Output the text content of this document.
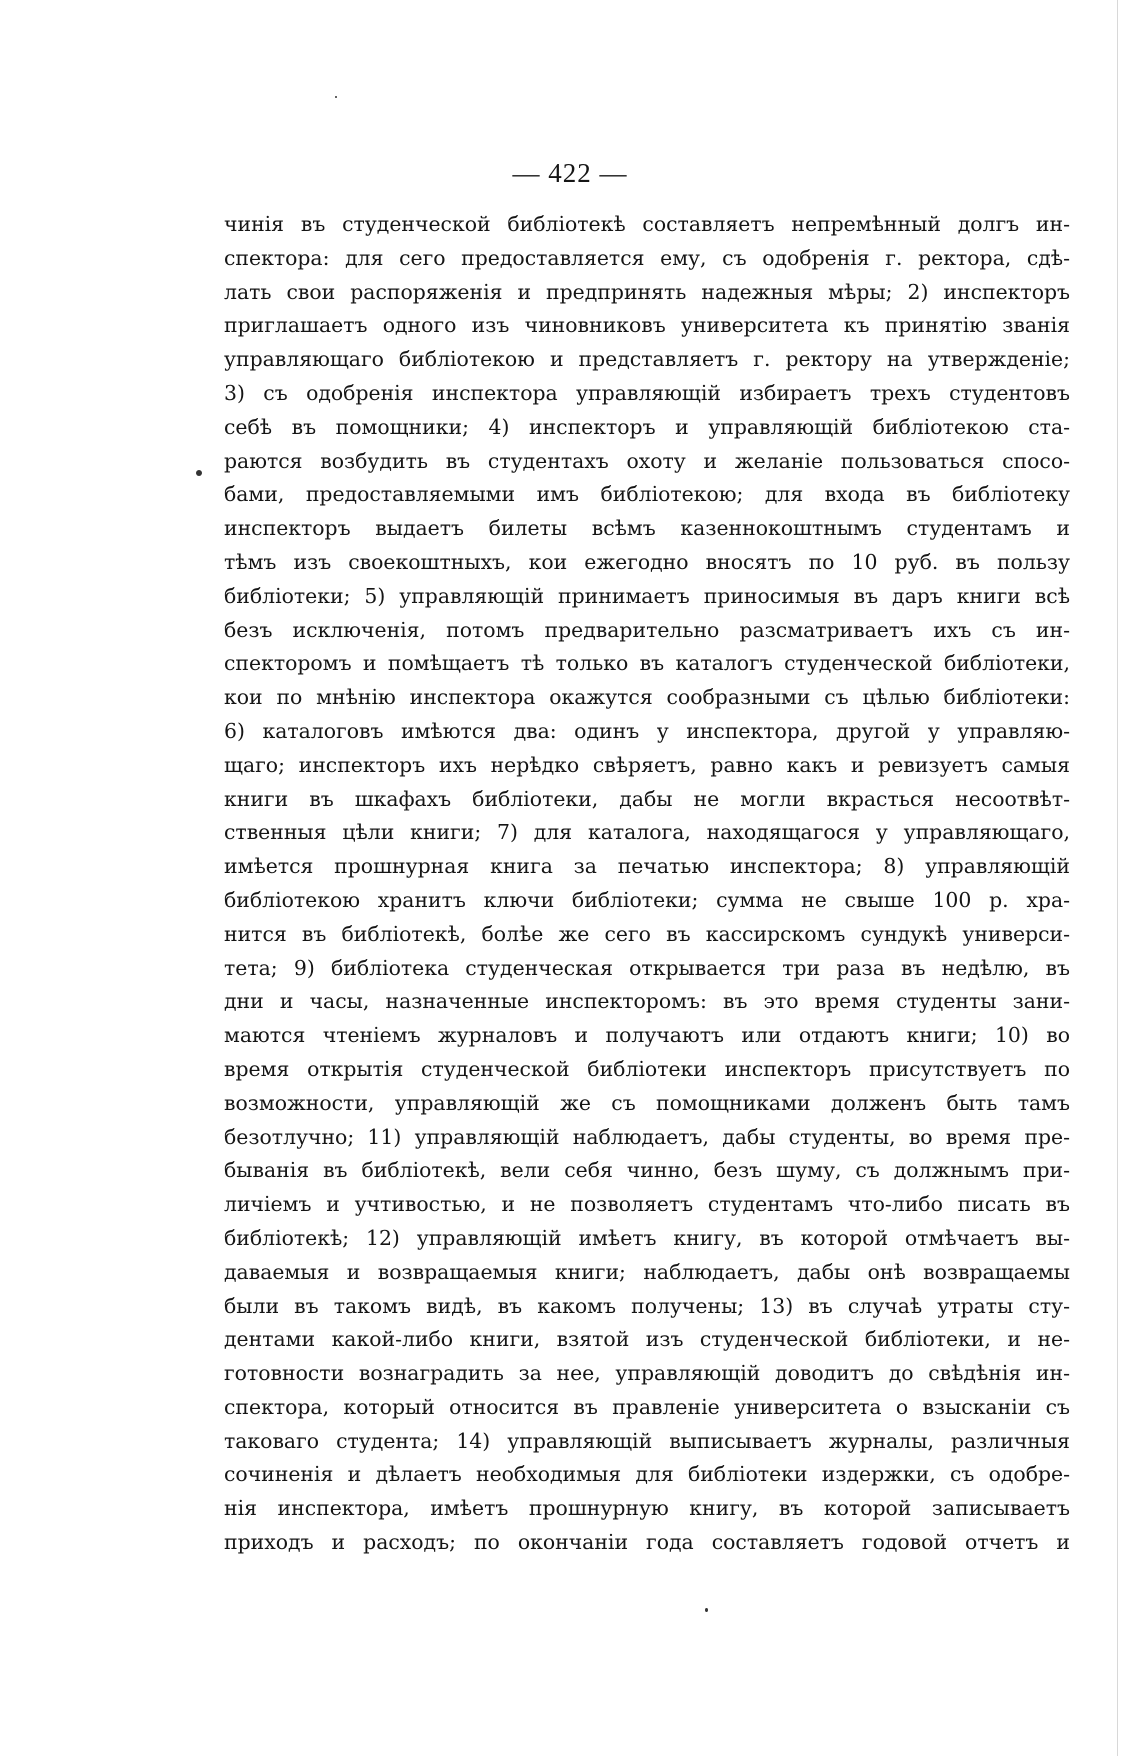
— 422 —
чинія въ студенческой библіотекѣ составляетъ непремѣнный долгъ ин-
спектора: для сего предоставляется ему, съ одобренія г. ректора, сдѣ-
лать свои распоряженія и предпринять надежныя мѣры; 2) инспекторъ
приглашаетъ одного изъ чиновниковъ университета къ принятію званія
управляющаго библіотекою и представляетъ г. ректору на утвержденіе;
3) съ одобренія инспектора управляющій избираетъ трехъ студентовъ
себѣ въ помощники; 4) инспекторъ и управляющій библіотекою ста-
раются возбудить въ студентахъ охоту и желаніе пользоваться спосо-
бами, предоставляемыми имъ библіотекою; для входа въ библіотеку
инспекторъ выдаетъ билеты всѣмъ казеннокоштнымъ студентамъ и
тѣмъ изъ своекоштныхъ, кои ежегодно вносятъ по 10 руб. въ пользу
библіотеки; 5) управляющій принимаетъ приносимыя въ даръ книги всѣ
безъ исключенія, потомъ предварительно разсматриваетъ ихъ съ ин-
спекторомъ и помѣщаетъ тѣ только въ каталогъ студенческой библіотеки,
кои по мнѣнію инспектора окажутся сообразными съ цѣлью библіотеки:
6) каталоговъ имѣются два: одинъ у инспектора, другой у управляю-
щаго; инспекторъ ихъ нерѣдко свѣряетъ, равно какъ и ревизуетъ самыя
книги въ шкафахъ библіотеки, дабы не могли вкрасться несоотвѣт-
ственныя цѣли книги; 7) для каталога, находящагося у управляющаго,
имѣется прошнурная книга за печатью инспектора; 8) управляющій
библіотекою хранитъ ключи библіотеки; сумма не свыше 100 р. хра-
нится въ библіотекѣ, болѣе же сего въ кассирскомъ сундукѣ универси-
тета; 9) библіотека студенческая открывается три раза въ недѣлю, въ
дни и часы, назначенные инспекторомъ: въ это время студенты зани-
маются чтеніемъ журналовъ и получаютъ или отдаютъ книги; 10) во
время открытія студенческой библіотеки инспекторъ присутствуетъ по
возможности, управляющій же съ помощниками долженъ быть тамъ
безотлучно; 11) управляющій наблюдаетъ, дабы студенты, во время пре-
быванія въ библіотекѣ, вели себя чинно, безъ шуму, съ должнымъ при-
личіемъ и учтивостью, и не позволяетъ студентамъ что-либо писать въ
библіотекѣ; 12) управляющій имѣетъ книгу, въ которой отмѣчаетъ вы-
даваемыя и возвращаемыя книги; наблюдаетъ, дабы онѣ возвращаемы
были въ такомъ видѣ, въ какомъ получены; 13) въ случаѣ утраты сту-
дентами какой-либо книги, взятой изъ студенческой библіотеки, и не-
готовности вознаградить за нее, управляющій доводитъ до свѣдѣнія ин-
спектора, который относится въ правленіе университета о взысканіи съ
таковаго студента; 14) управляющій выписываетъ журналы, различныя
сочиненія и дѣлаетъ необходимыя для библіотеки издержки, съ одобре-
нія инспектора, имѣетъ прошнурную книгу, въ которой записываетъ
приходъ и расходъ; по окончаніи года составляетъ годовой отчетъ и
